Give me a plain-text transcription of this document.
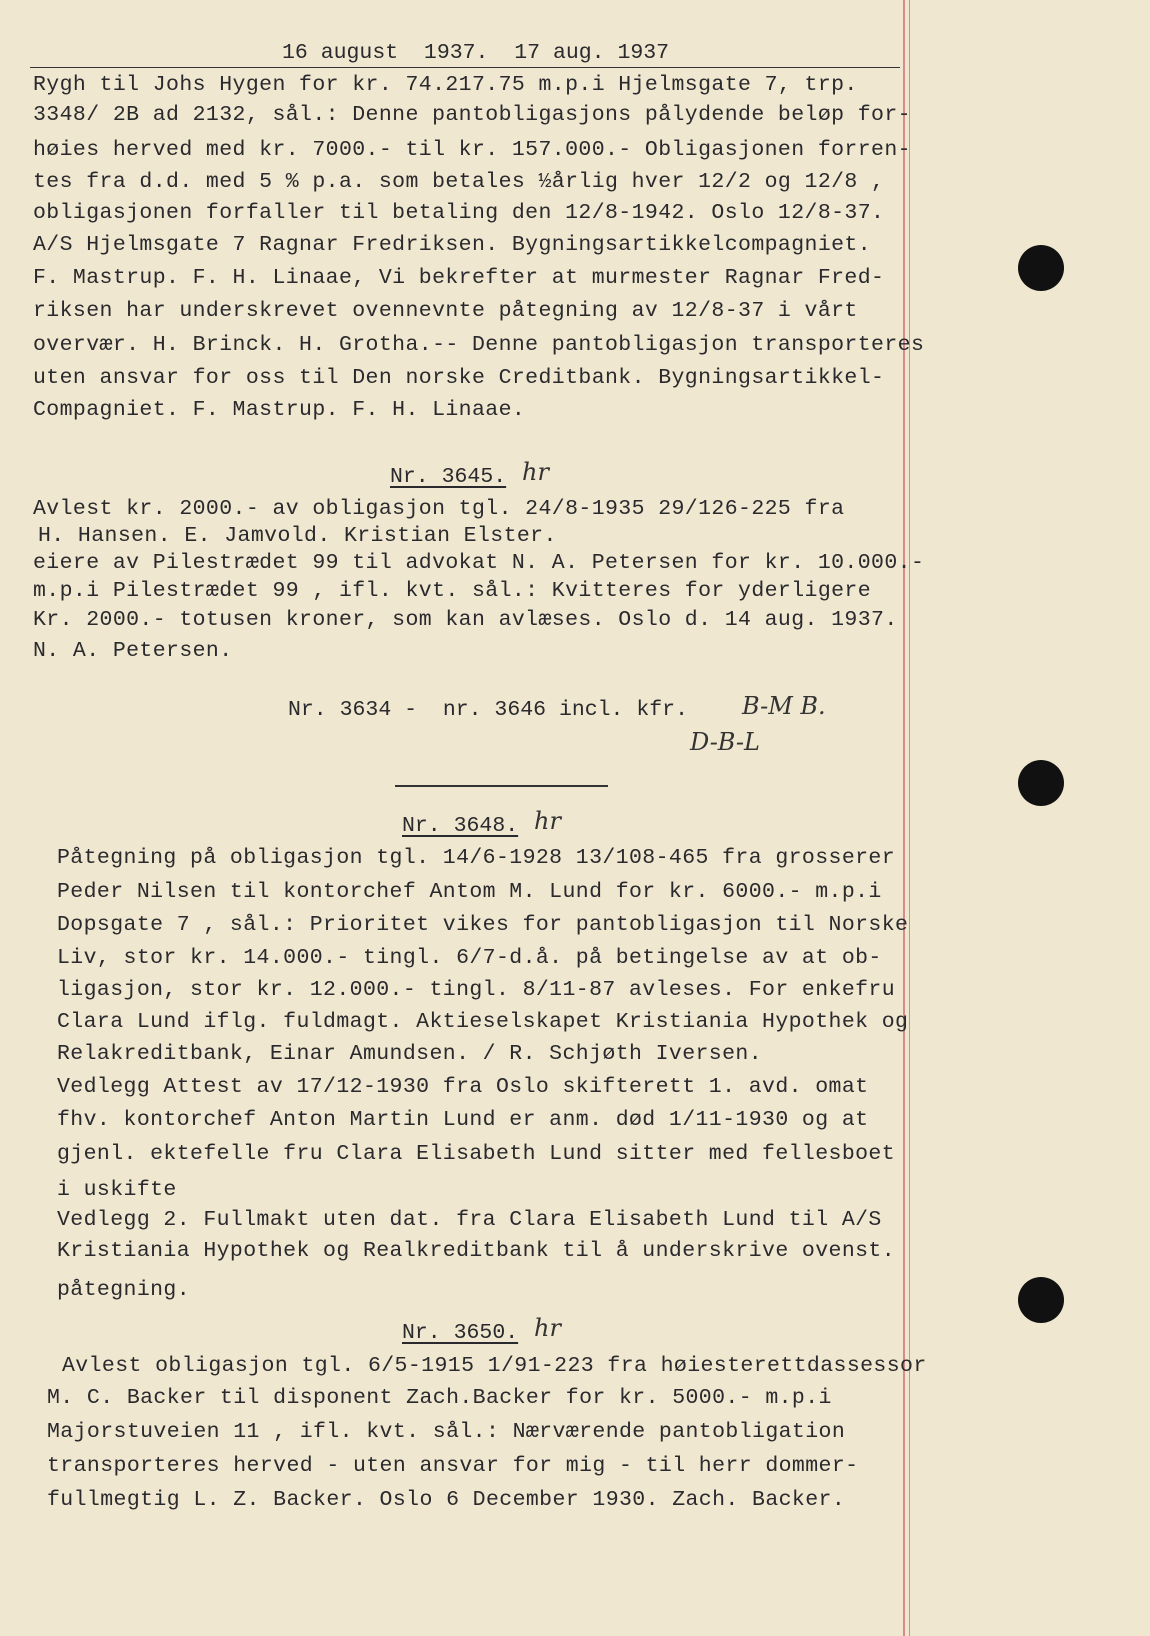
16 august  1937.  17 aug. 1937
Rygh til Johs Hygen for kr. 74.217.75 m.p.i Hjelmsgate 7, trp.
3348/ 2B ad 2132, sål.: Denne pantobligasjons pålydende beløp for-
høies herved med kr. 7000.- til kr. 157.000.- Obligasjonen forren-
tes fra d.d. med 5 % p.a. som betales ½årlig hver 12/2 og 12/8 ,
obligasjonen forfaller til betaling den 12/8-1942. Oslo 12/8-37.
A/S Hjelmsgate 7 Ragnar Fredriksen. Bygningsartikkelcompagniet.
F. Mastrup. F. H. Linaae, Vi bekrefter at murmester Ragnar Fred-
riksen har underskrevet ovennevnte påtegning av 12/8-37 i vårt
overvær. H. Brinck. H. Grotha.-- Denne pantobligasjon transporteres
uten ansvar for oss til Den norske Creditbank. Bygningsartikkel-
Compagniet. F. Mastrup. F. H. Linaae.
Nr. 3645. hr
Avlest kr. 2000.- av obligasjon tgl. 24/8-1935 29/126-225 fra
H. Hansen. E. Jamvold. Kristian Elster.
eiere av Pilestrædet 99 til advokat N. A. Petersen for kr. 10.000.-
m.p.i Pilestrædet 99 , ifl. kvt. sål.: Kvitteres for yderligere
Kr. 2000.- totusen kroner, som kan avlæses. Oslo d. 14 aug. 1937.
N. A. Petersen.
Nr. 3634 -  nr. 3646 incl. kfr. B-M B.
D-B-L
Nr. 3648. hr
Påtegning på obligasjon tgl. 14/6-1928 13/108-465 fra grosserer
Peder Nilsen til kontorchef Antom M. Lund for kr. 6000.- m.p.i
Dopsgate 7 , sål.: Prioritet vikes for pantobligasjon til Norske
Liv, stor kr. 14.000.- tingl. 6/7-d.å. på betingelse av at ob-
ligasjon, stor kr. 12.000.- tingl. 8/11-87 avleses. For enkefru
Clara Lund iflg. fuldmagt. Aktieselskapet Kristiania Hypothek og
Relakreditbank, Einar Amundsen. / R. Schjøth Iversen.
Vedlegg Attest av 17/12-1930 fra Oslo skifterett 1. avd. omat
fhv. kontorchef Anton Martin Lund er anm. død 1/11-1930 og at
gjenl. ektefelle fru Clara Elisabeth Lund sitter med fellesboet
i uskifte
Vedlegg 2. Fullmakt uten dat. fra Clara Elisabeth Lund til A/S
Kristiania Hypothek og Realkreditbank til å underskrive ovenst.
påtegning.
Nr. 3650. hr
Avlest obligasjon tgl. 6/5-1915 1/91-223 fra høiesterettdassessor
M. C. Backer til disponent Zach.Backer for kr. 5000.- m.p.i
Majorstuveien 11 , ifl. kvt. sål.: Nærværende pantobligation
transporteres herved - uten ansvar for mig - til herr dommer-
fullmegtig L. Z. Backer. Oslo 6 December 1930. Zach. Backer.
